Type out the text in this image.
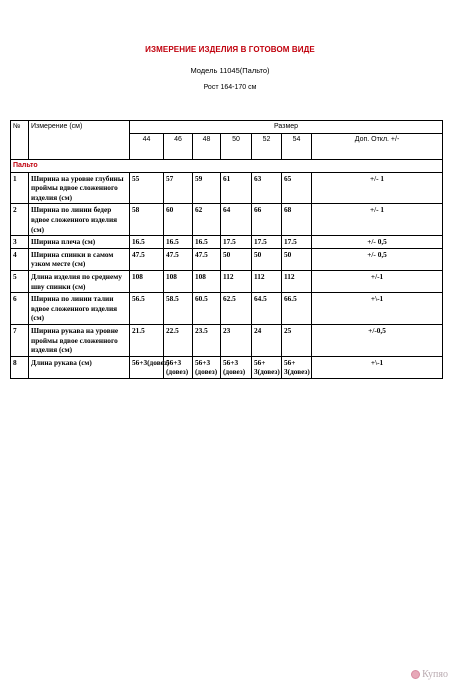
ИЗМЕРЕНИЕ ИЗДЕЛИЯ В ГОТОВОМ ВИДЕ
Модель 11045(Пальто)
Рост 164-170 см
№	Измерение (см)	Размер						
		44	46	48	50	52	54	Доп. Откл. +/-
Пальто								
1	Ширина на уровне глубины проймы вдвое сложенного изделия (см)	55	57	59	61	63	65	+/- 1
2	Ширина по линии бедер вдвое сложенного изделия (см)	58	60	62	64	66	68	+/- 1
3	Ширина плеча (см)	16.5	16.5	16.5	17.5	17.5	17.5	+/- 0,5
4	Ширина спинки в самом узком месте (см)	47.5	47.5	47.5	50	50	50	+/- 0,5
5	Длина изделия по среднему шву спинки (см)	108	108	108	112	112	112	+/-1
6	Ширина по линии талии вдвое сложенного изделия (см)	56.5	58.5	60.5	62.5	64.5	66.5	+\-1
7	Ширина рукава на уровне проймы вдвое сложенного изделия (см)	21.5	22.5	23.5	23	24	25	+/-0,5
8	Длина рукава (см)	56+3(довез)	56+3 (довез)	56+3 (довез)	56+3 (довез)	56+ 3(довез)	56+ 3(довез)	+\-1
Купяо
